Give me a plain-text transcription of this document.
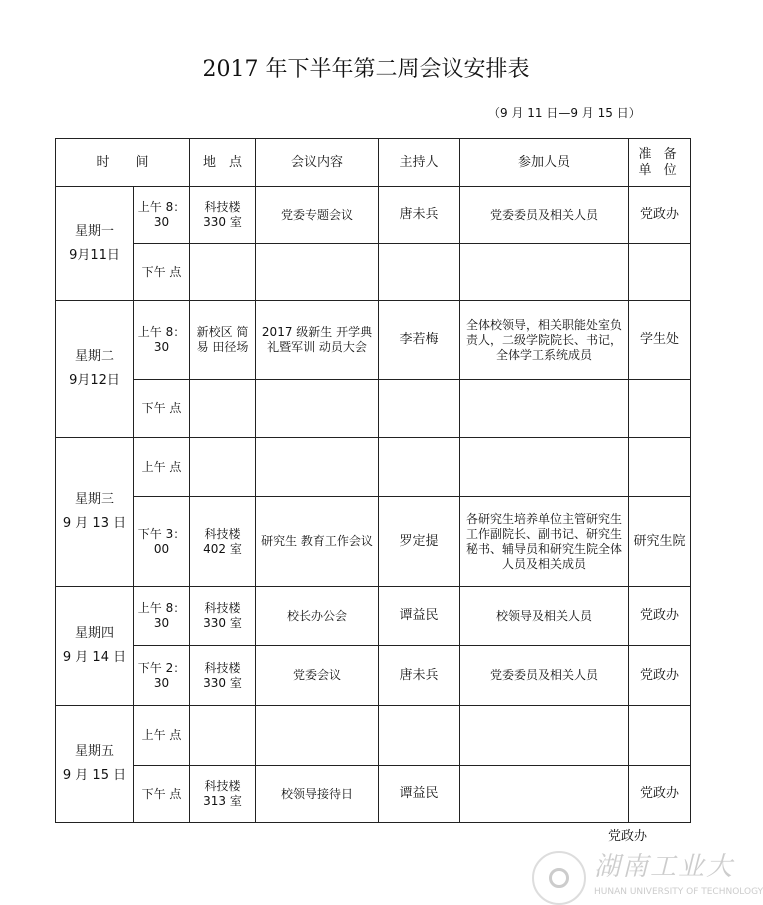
2017 年下半年第二周会议安排表
（9 月 11 日—9 月 15 日）
时　　间		地　点	会议内容	主持人	参加人员	准 备 单 位

星期一
9月11日	上午 8：30	科技楼 330 室	党委专题会议	唐未兵	党委委员及相关人员	党政办
	下午 点					

星期二
9月12日	上午 8：30	新校区 简易 田径场	2017 级新生 开学典礼暨军训 动员大会	李若梅	全体校领导，相关职能处室负责人，二级学院院长、书记，全体学工系统成员	学生处
	下午 点					

星期三
9 月 13 日	上午 点					
	下午 3：00	科技楼 402 室	研究生 教育工作会议	罗定提	各研究生培养单位主管研究生工作副院长、副书记、研究生秘书、辅导员和研究生院全体人员及相关成员	研究生院

星期四
9 月 14 日	上午 8：30	科技楼 330 室	校长办公会	谭益民	校领导及相关人员	党政办
	下午 2：30	科技楼 330 室	党委会议	唐未兵	党委委员及相关人员	党政办

星期五
9 月 15 日	上午 点					
	下午 点	科技楼 313 室	校领导接待日	谭益民		党政办
党政办
湖南工业大
HUNAN UNIVERSITY OF TECHNOLOGY
